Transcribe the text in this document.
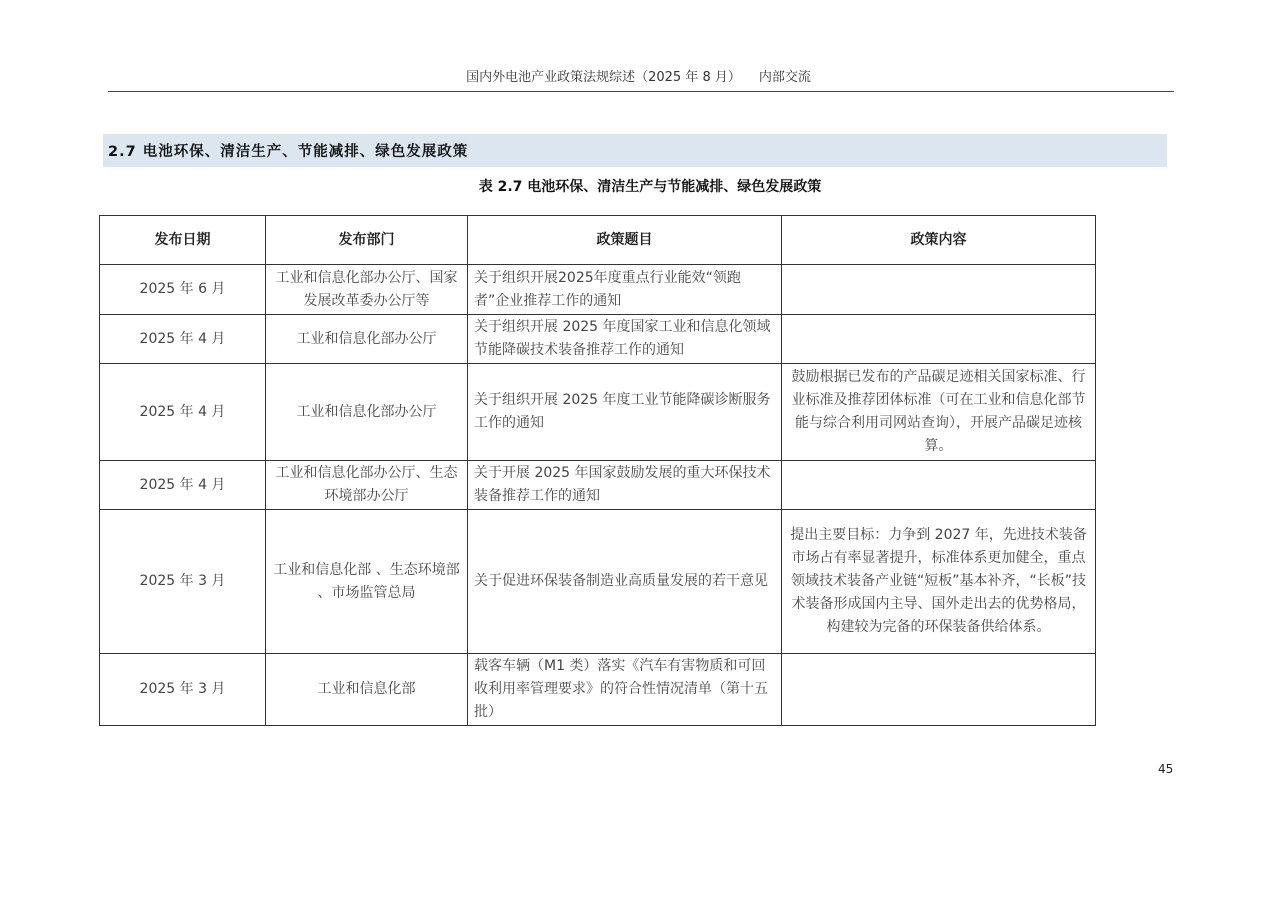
国内外电池产业政策法规综述（2025 年 8 月） 内部交流
2.7 电池环保、清洁生产、节能减排、绿色发展政策
表 2.7 电池环保、清洁生产与节能减排、绿色发展政策
发布日期	发布部门	政策题目	政策内容
2025 年 6 月	工业和信息化部办公厅、国家发展改革委办公厅等	关于组织开展2025年度重点行业能效“领跑者”企业推荐工作的通知	
2025 年 4 月	工业和信息化部办公厅	关于组织开展 2025 年度国家工业和信息化领域节能降碳技术装备推荐工作的通知	
2025 年 4 月	工业和信息化部办公厅	关于组织开展 2025 年度工业节能降碳诊断服务工作的通知	鼓励根据已发布的产品碳足迹相关国家标准、行业标准及推荐团体标准（可在工业和信息化部节能与综合利用司网站查询），开展产品碳足迹核算。
2025 年 4 月	工业和信息化部办公厅、生态环境部办公厅	关于开展 2025 年国家鼓励发展的重大环保技术装备推荐工作的通知	
2025 年 3 月	工业和信息化部 、生态环境部 、市场监管总局	关于促进环保装备制造业高质量发展的若干意见	提出主要目标：力争到 2027 年，先进技术装备市场占有率显著提升，标准体系更加健全，重点领域技术装备产业链“短板”基本补齐，“长板”技术装备形成国内主导、国外走出去的优势格局，构建较为完备的环保装备供给体系。
2025 年 3 月	工业和信息化部	载客车辆（M1 类）落实《汽车有害物质和可回收利用率管理要求》的符合性情况清单（第十五批）	
45
